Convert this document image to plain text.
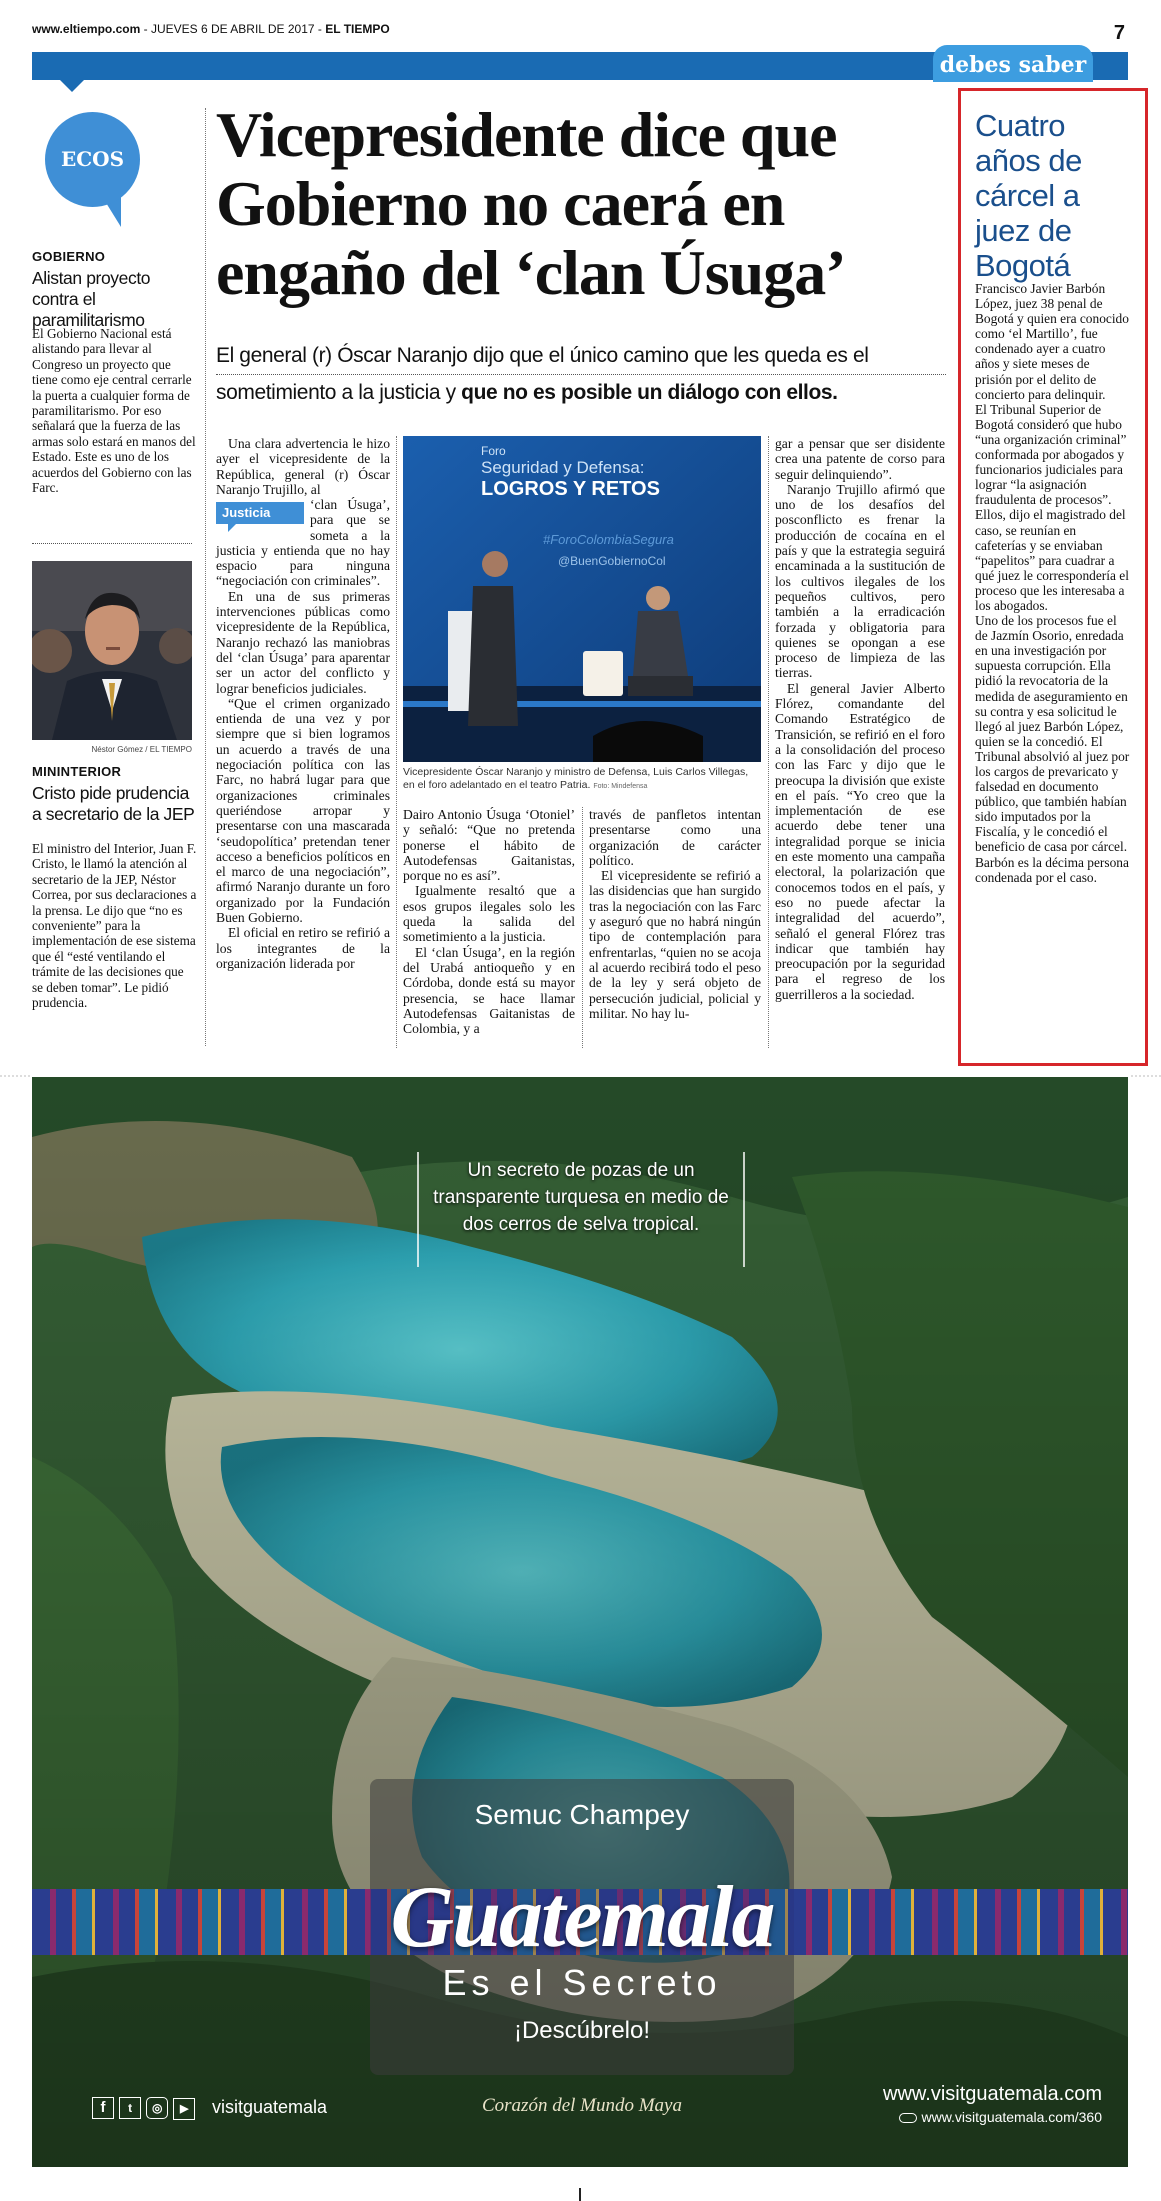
www.eltiempo.com - JUEVES 6 DE ABRIL DE 2017 - EL TIEMPO	7
debes saber
ECOS
GOBIERNO
Alistan proyecto contra el paramilitarismo
El Gobierno Nacional está alistando para llevar al Congreso un proyecto que tiene como eje central cerrarle la puerta a cualquier forma de paramilitarismo. Por eso señalará que la fuerza de las armas solo estará en manos del Estado. Este es uno de los acuerdos del Gobierno con las Farc.
Néstor Gómez / EL TIEMPO
MININTERIOR
Cristo pide prudencia a secretario de la JEP
El ministro del Interior, Juan F. Cristo, le llamó la atención al secretario de la JEP, Néstor Correa, por sus declaraciones a la prensa. Le dijo que “no es conveniente” para la implementación de ese sistema que él “esté ventilando el trámite de las decisiones que se deben tomar”. Le pidió prudencia.
Vicepresidente dice que Gobierno no caerá en engaño del ‘clan Úsuga’
El general (r) Óscar Naranjo dijo que el único camino que les queda es el
sometimiento a la justicia y que no es posible un diálogo con ellos.

Una clara advertencia le hizo ayer el vicepresidente de la República, general (r) Óscar Naranjo Trujillo, al

Justicia

‘clan Úsuga’, para que se someta a la justicia y entienda que no hay espacio para ninguna “negociación con criminales”.

En una de sus primeras intervenciones públicas como vicepresidente de la República, Naranjo rechazó las maniobras del ‘clan Úsuga’ para aparentar ser un actor del conflicto y lograr beneficios judiciales.

“Que el crimen organizado entienda de una vez y por siempre que si bien logramos un acuerdo a través de una negociación política con las Farc, no habrá lugar para que organizaciones criminales queriéndose arropar y presentarse con una mascarada ‘seudopolítica’ pretendan tener acceso a beneficios políticos en el marco de una negociación”, afirmó Naranjo durante un foro organizado por la Fundación Buen Gobierno.

El oficial en retiro se refirió a los integrantes de la organización liderada por

Foro
Seguridad y Defensa:
LOGROS Y RETOS
#ForoColombiaSegura
@BuenGobiernoCol
Vicepresidente Óscar Naranjo y ministro de Defensa, Luis Carlos Villegas, en el foro adelantado en el teatro Patria. Foto: Mindefensa

Dairo Antonio Úsuga ‘Otoniel’ y señaló: “Que no pretenda ponerse el hábito de Autodefensas Gaitanistas, porque no es así”.

Igualmente resaltó que a esos grupos ilegales solo les queda la salida del sometimiento a la justicia.

El ‘clan Úsuga’, en la región del Urabá antioqueño y en Córdoba, donde está su mayor presencia, se hace llamar Autodefensas Gaitanistas de Colombia, y a

través de panfletos intentan presentarse como una organización de carácter político.

El vicepresidente se refirió a las disidencias que han surgido tras la negociación con las Farc y aseguró que no habrá ningún tipo de contemplación para enfrentarlas, “quien no se acoja al acuerdo recibirá todo el peso de la ley y será objeto de persecución judicial, policial y militar. No hay lu-

gar a pensar que ser disidente crea una patente de corso para seguir delinquiendo”.

Naranjo Trujillo afirmó que uno de los desafíos del posconflicto es frenar la producción de cocaína en el país y que la estrategia seguirá encaminada a la sustitución de los cultivos ilegales de los pequeños cultivos, pero también a la erradicación forzada y obligatoria para quienes se opongan a ese proceso de limpieza de las tierras.

El general Javier Alberto Flórez, comandante del Comando Estratégico de Transición, se refirió en el foro a la consolidación del proceso con las Farc y dijo que le preocupa la división que existe en el país. “Yo creo que la implementación de ese acuerdo debe tener una integralidad porque se inicia en este momento una campaña electoral, la polarización que conocemos todos en el país, y eso no puede afectar la integralidad del acuerdo”, señaló el general Flórez tras indicar que también hay preocupación por la seguridad para el regreso de los guerrilleros a la sociedad.

Cuatro años de cárcel a juez de Bogotá

Francisco Javier Barbón López, juez 38 penal de Bogotá y quien era conocido como ‘el Martillo’, fue condenado ayer a cuatro años y siete meses de prisión por el delito de concierto para delinquir.

El Tribunal Superior de Bogotá consideró que hubo “una organización criminal” conformada por abogados y funcionarios judiciales para lograr “la asignación fraudulenta de procesos”. Ellos, dijo el magistrado del caso, se reunían en cafeterías y se enviaban “papelitos” para cuadrar a qué juez le correspondería el proceso que les interesaba a los abogados.

Uno de los procesos fue el de Jazmín Osorio, enredada en una investigación por supuesta corrupción. Ella pidió la revocatoria de la medida de aseguramiento en su contra y esa solicitud le llegó al juez Barbón López, quien se la concedió. El Tribunal absolvió al juez por los cargos de prevaricato y falsedad en documento público, que también habían sido imputados por la Fiscalía, y le concedió el beneficio de casa por cárcel. Barbón es la décima persona condenada por el caso.

Un secreto de pozas de un transparente turquesa en medio de dos cerros de selva tropical.
Semuc Champey
Guatemala
Es el Secreto
¡Descúbrelo!
f t ◎ ▶	visitguatemala	Corazón del Mundo Maya
www.visitguatemala.com
www.visitguatemala.com/360
